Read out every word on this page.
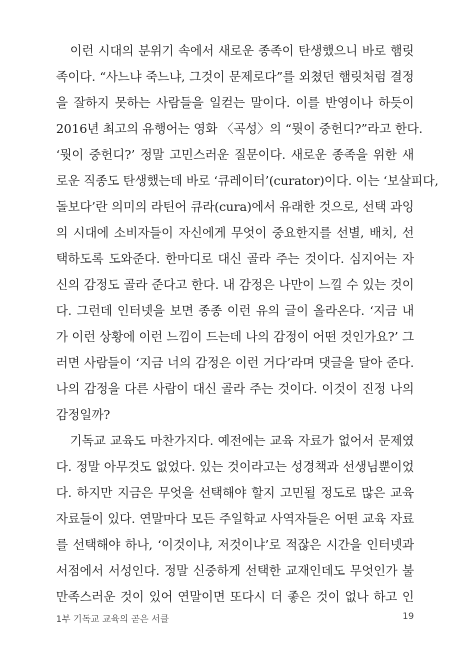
이런 시대의 분위기 속에서 새로운 종족이 탄생했으니 바로 햄릿
족이다. “사느냐 죽느냐, 그것이 문제로다”를 외쳤던 햄릿처럼 결정
을 잘하지 못하는 사람들을 일컫는 말이다. 이를 반영이나 하듯이
2016년 최고의 유행어는 영화 〈곡성〉의 “뭣이 중헌디?”라고 한다.
‘뭣이 중헌디?’ 정말 고민스러운 질문이다. 새로운 종족을 위한 새
로운 직종도 탄생했는데 바로 ‘큐레이터’(curator)이다. 이는 ‘보살피다,
돌보다’란 의미의 라틴어 큐라(cura)에서 유래한 것으로, 선택 과잉
의 시대에 소비자들이 자신에게 무엇이 중요한지를 선별, 배치, 선
택하도록 도와준다. 한마디로 대신 골라 주는 것이다. 심지어는 자
신의 감정도 골라 준다고 한다. 내 감정은 나만이 느낄 수 있는 것이
다. 그런데 인터넷을 보면 종종 이런 유의 글이 올라온다. ‘지금 내
가 이런 상황에 이런 느낌이 드는데 나의 감정이 어떤 것인가요?’ 그
러면 사람들이 ‘지금 너의 감정은 이런 거다’라며 댓글을 달아 준다.
나의 감정을 다른 사람이 대신 골라 주는 것이다. 이것이 진정 나의
감정일까?
기독교 교육도 마찬가지다. 예전에는 교육 자료가 없어서 문제였
다. 정말 아무것도 없었다. 있는 것이라고는 성경책과 선생님뿐이었
다. 하지만 지금은 무엇을 선택해야 할지 고민될 정도로 많은 교육
자료들이 있다. 연말마다 모든 주일학교 사역자들은 어떤 교육 자료
를 선택해야 하나, ‘이것이냐, 저것이냐’로 적잖은 시간을 인터넷과
서점에서 서성인다. 정말 신중하게 선택한 교재인데도 무엇인가 불
만족스러운 것이 있어 연말이면 또다시 더 좋은 것이 없나 하고 인
1부 기독교 교육의 곧은 서클	19
